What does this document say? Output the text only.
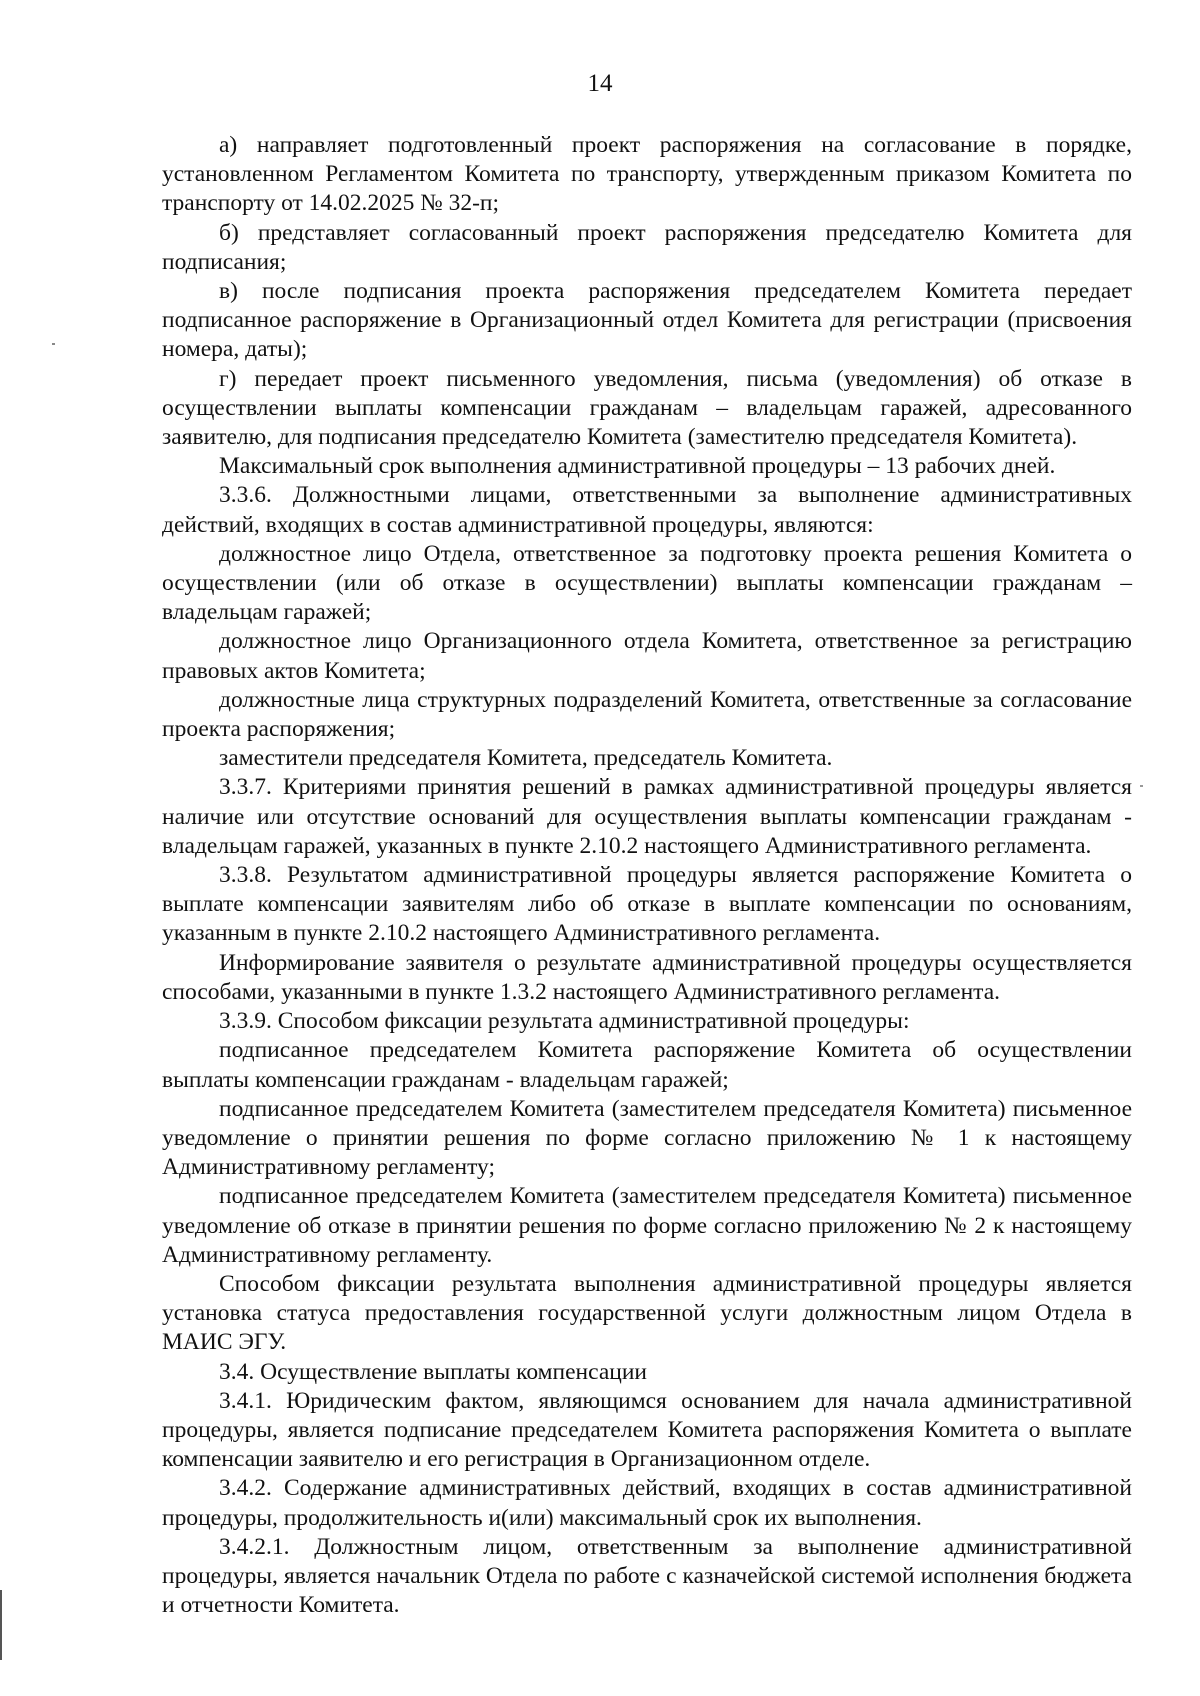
14

а) направляет подготовленный проект распоряжения на согласование в порядке, установленном Регламентом Комитета по транспорту, утвержденным приказом Комитета по транспорту от 14.02.2025 № 32-п;

б) представляет согласованный проект распоряжения председателю Комитета для подписания;

в) после подписания проекта распоряжения председателем Комитета передает подписанное распоряжение в Организационный отдел Комитета для регистрации (присвоения номера, даты);

г) передает проект письменного уведомления, письма (уведомления) об отказе в осуществлении выплаты компенсации гражданам – владельцам гаражей, адресованного заявителю, для подписания председателю Комитета (заместителю председателя Комитета).

Максимальный срок выполнения административной процедуры – 13 рабочих дней.

3.3.6. Должностными лицами, ответственными за выполнение административных действий, входящих в состав административной процедуры, являются:

должностное лицо Отдела, ответственное за подготовку проекта решения Комитета о осуществлении (или об отказе в осуществлении) выплаты компенсации гражданам – владельцам гаражей;

должностное лицо Организационного отдела Комитета, ответственное за регистрацию правовых актов Комитета;

должностные лица структурных подразделений Комитета, ответственные за согласование проекта распоряжения;

заместители председателя Комитета, председатель Комитета.

3.3.7. Критериями принятия решений в рамках административной процедуры является наличие или отсутствие оснований для осуществления выплаты компенсации гражданам - владельцам гаражей, указанных в пункте 2.10.2 настоящего Административного регламента.

3.3.8. Результатом административной процедуры является распоряжение Комитета о выплате компенсации заявителям либо об отказе в выплате компенсации по основаниям, указанным в пункте 2.10.2 настоящего Административного регламента.

Информирование заявителя о результате административной процедуры осуществляется способами, указанными в пункте 1.3.2 настоящего Административного регламента.

3.3.9. Способом фиксации результата административной процедуры:

подписанное председателем Комитета распоряжение Комитета об осуществлении выплаты компенсации гражданам - владельцам гаражей;

подписанное председателем Комитета (заместителем председателя Комитета) письменное уведомление о принятии решения по форме согласно приложению № 1 к настоящему Административному регламенту;

подписанное председателем Комитета (заместителем председателя Комитета) письменное уведомление об отказе в принятии решения по форме согласно приложению № 2 к настоящему Административному регламенту.

Способом фиксации результата выполнения административной процедуры является установка статуса предоставления государственной услуги должностным лицом Отдела в МАИС ЭГУ.

3.4. Осуществление выплаты компенсации

3.4.1. Юридическим фактом, являющимся основанием для начала административной процедуры, является подписание председателем Комитета распоряжения Комитета о выплате компенсации заявителю и его регистрация в Организационном отделе.

3.4.2. Содержание административных действий, входящих в состав административной процедуры, продолжительность и(или) максимальный срок их выполнения.

3.4.2.1. Должностным лицом, ответственным за выполнение административной процедуры, является начальник Отдела по работе с казначейской системой исполнения бюджета и отчетности Комитета.
